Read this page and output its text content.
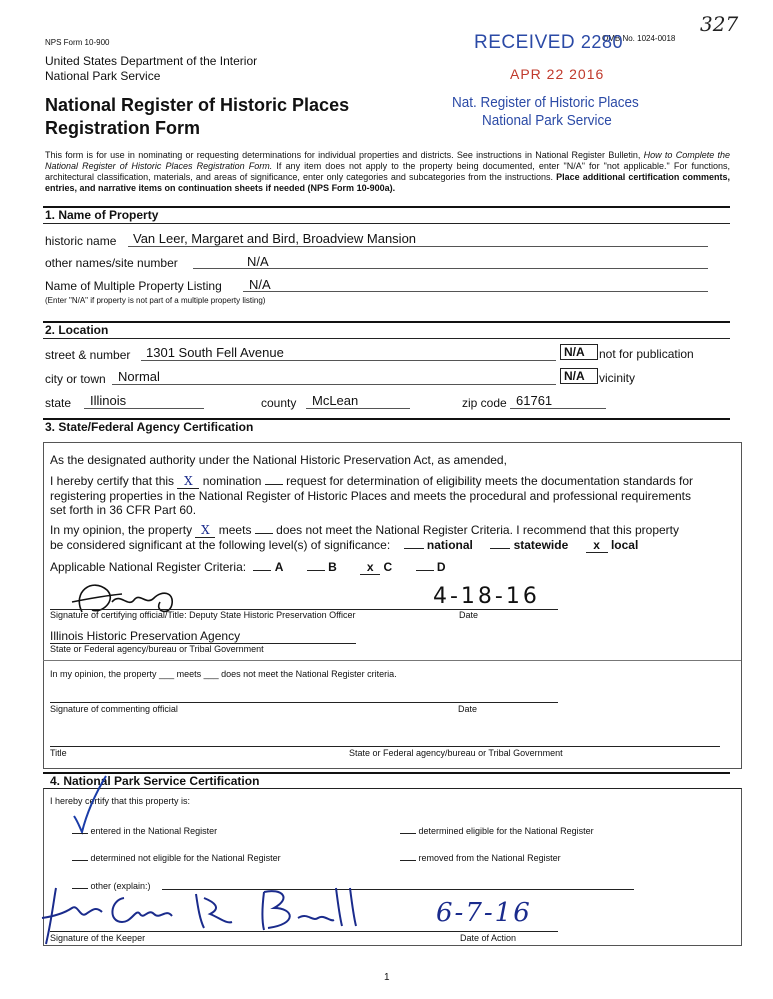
327
NPS Form 10-900	OMB No. 1024-0018
United States Department of the Interior
National Park Service
National Register of Historic Places
Registration Form
RECEIVED 2280
APR 22 2016
Nat. Register of Historic Places
National Park Service
This form is for use in nominating or requesting determinations for individual properties and districts. See instructions in National Register Bulletin, How to Complete the National Register of Historic Places Registration Form. If any item does not apply to the property being documented, enter "N/A" for "not applicable." For functions, architectural classification, materials, and areas of significance, enter only categories and subcategories from the instructions. Place additional certification comments, entries, and narrative items on continuation sheets if needed (NPS Form 10-900a).
1. Name of Property
historic name Van Leer, Margaret and Bird, Broadview Mansion
other names/site number	N/A
Name of Multiple Property Listing N/A
(Enter "N/A" if property is not part of a multiple property listing)
2. Location
street & number 1301 South Fell Avenue	N/A	not for publication
city or town Normal	N/A	vicinity
state Illinois	county McLean	zip code 61761
3. State/Federal Agency Certification
As the designated authority under the National Historic Preservation Act, as amended,
I hereby certify that this X nomination request for determination of eligibility meets the documentation standards for
registering properties in the National Register of Historic Places and meets the procedural and professional requirements
set forth in 36 CFR Part 60.
In my opinion, the property X meets does not meet the National Register Criteria. I recommend that this property
be considered significant at the following level(s) of significance:	national	statewide x local
Applicable National Register Criteria: A	B	x C	D
4-18-16
Signature of certifying official/Title: Deputy State Historic Preservation Officer	Date
Illinois Historic Preservation Agency
State or Federal agency/bureau or Tribal Government
In my opinion, the property ___ meets ___ does not meet the National Register criteria.
Signature of commenting official	Date
Title	State or Federal agency/bureau or Tribal Government
4. National Park Service Certification
I hereby certify that this property is:
entered in the National Register	determined eligible for the National Register
determined not eligible for the National Register	removed from the National Register
other (explain:)
6-7-16
Signature of the Keeper	Date of Action
1
